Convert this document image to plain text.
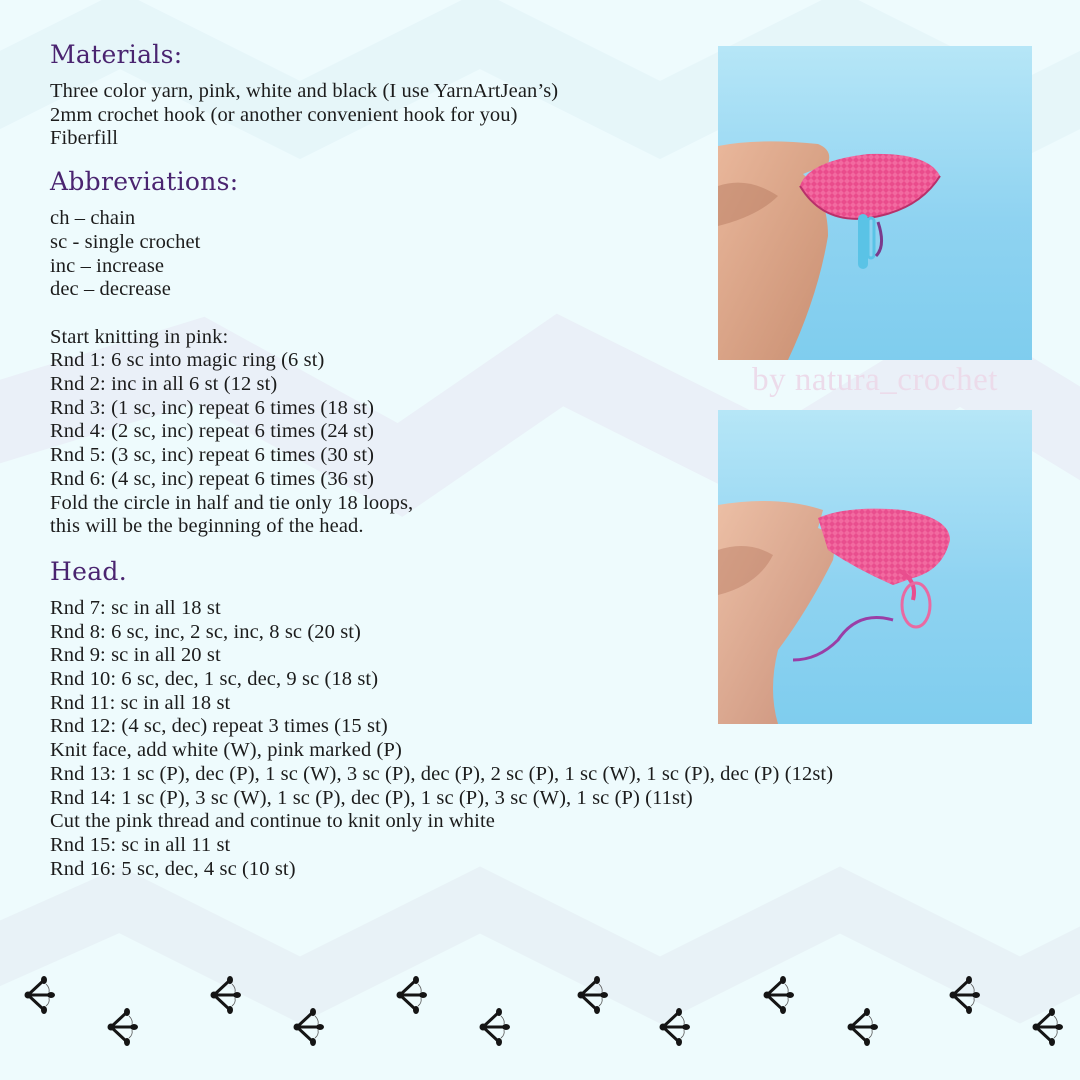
Materials:
Three color yarn, pink, white and black (I use YarnArtJean’s)
2mm crochet hook (or another convenient hook for you)
Fiberfill
Abbreviations:
ch – chain
sc - single crochet
inc – increase
dec – decrease
Start knitting in pink:
Rnd 1: 6 sc into magic ring (6 st)
Rnd 2: inc in all 6 st (12 st)
Rnd 3: (1 sc, inc) repeat 6 times (18 st)
Rnd 4: (2 sc, inc) repeat 6 times (24 st)
Rnd 5: (3 sc, inc) repeat 6 times (30 st)
Rnd 6: (4 sc, inc) repeat 6 times (36 st)
Fold the circle in half and tie only 18 loops,
this will be the beginning of the head.
Head.
Rnd 7: sc in all 18 st
Rnd 8: 6 sc, inc, 2 sc, inc, 8 sc (20 st)
Rnd 9: sc in all 20 st
Rnd 10: 6 sc, dec, 1 sc, dec, 9 sc (18 st)
Rnd 11: sc in all 18 st
Rnd 12: (4 sc, dec) repeat 3 times (15 st)
Knit face, add white (W), pink marked (P)
Rnd 13: 1 sc (P), dec (P), 1 sc (W), 3 sc (P), dec (P), 2 sc (P), 1 sc (W), 1 sc (P), dec (P) (12st)
Rnd 14: 1 sc (P), 3 sc (W), 1 sc (P), dec (P), 1 sc (P), 3 sc (W), 1 sc (P) (11st)
Cut the pink thread and continue to knit only in white
Rnd 15: sc in all 11 st
Rnd 16: 5 sc, dec, 4 sc (10 st)
by natura_crochet
